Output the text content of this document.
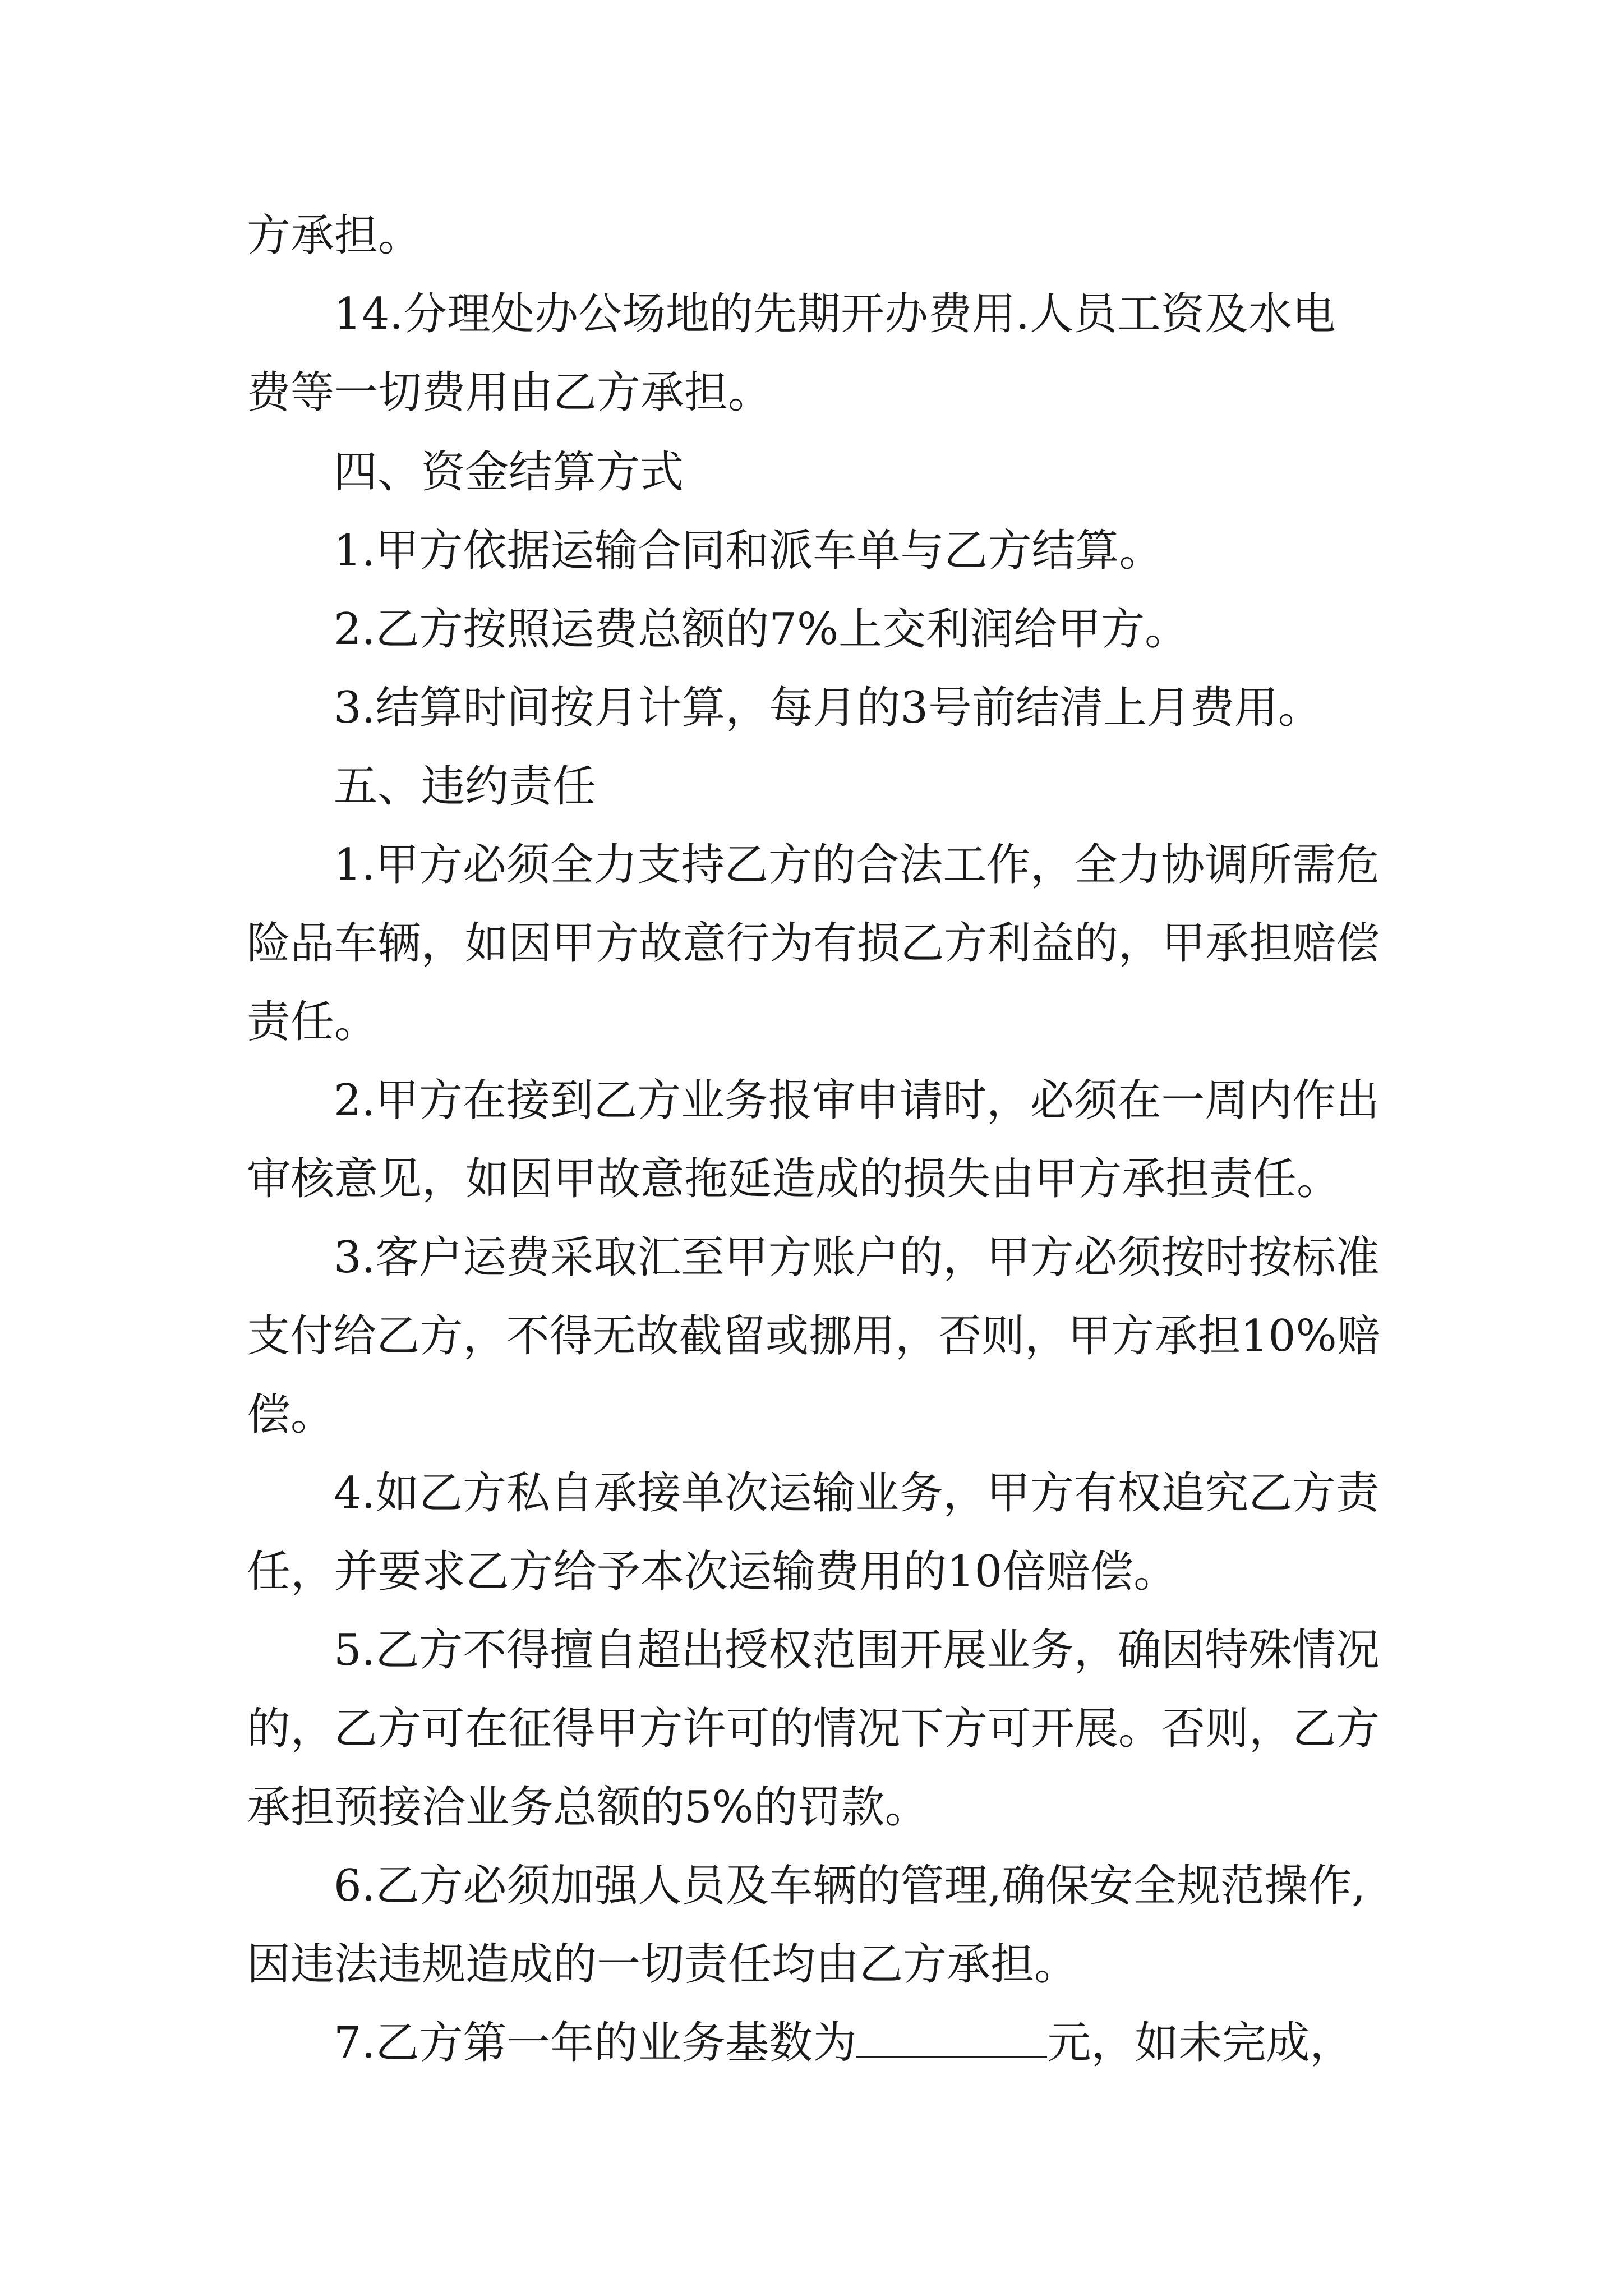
方承担。
14.分理处办公场地的先期开办费用.人员工资及水电
费等一切费用由乙方承担。
四、资金结算方式
1.甲方依据运输合同和派车单与乙方结算。
2.乙方按照运费总额的7%上交利润给甲方。
3.结算时间按月计算，每月的3号前结清上月费用。
五、违约责任
1.甲方必须全力支持乙方的合法工作，全力协调所需危
险品车辆，如因甲方故意行为有损乙方利益的，甲承担赔偿
责任。
2.甲方在接到乙方业务报审申请时，必须在一周内作出
审核意见，如因甲故意拖延造成的损失由甲方承担责任。
3.客户运费采取汇至甲方账户的，甲方必须按时按标准
支付给乙方，不得无故截留或挪用，否则，甲方承担10%赔
偿。
4.如乙方私自承接单次运输业务，甲方有权追究乙方责
任，并要求乙方给予本次运输费用的10倍赔偿。
5.乙方不得擅自超出授权范围开展业务，确因特殊情况
的，乙方可在征得甲方许可的情况下方可开展。否则，乙方
承担预接洽业务总额的5%的罚款。
6.乙方必须加强人员及车辆的管理,确保安全规范操作,
因违法违规造成的一切责任均由乙方承担。
7.乙方第一年的业务基数为	元，如未完成，
